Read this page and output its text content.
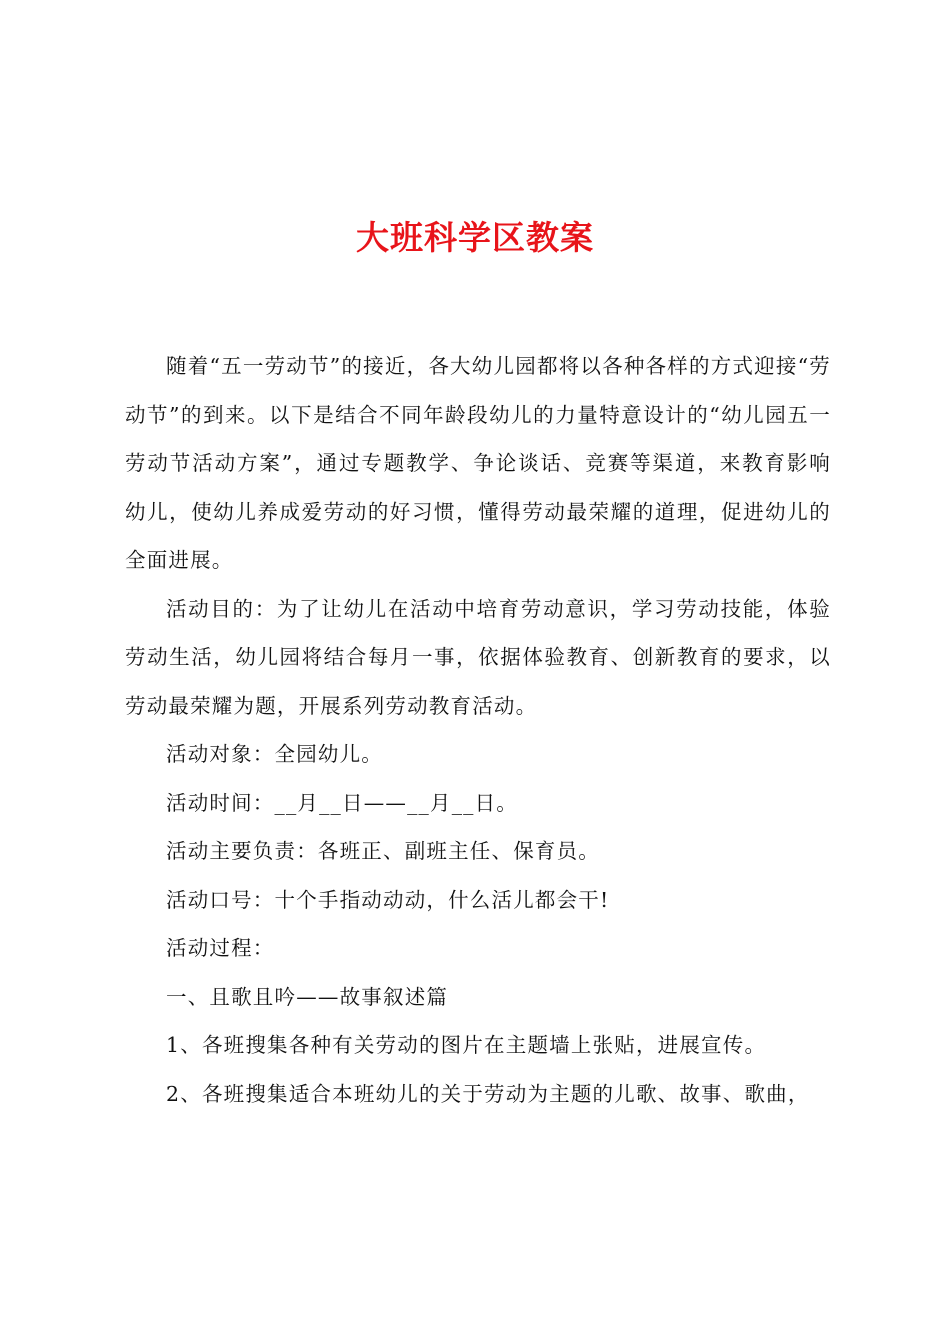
大班科学区教案

随着“五一劳动节”的接近，各大幼儿园都将以各种各样的方式迎接“劳动节”的到来。以下是结合不同年龄段幼儿的力量特意设计的“幼儿园五一劳动节活动方案”，通过专题教学、争论谈话、竞赛等渠道，来教育影响幼儿，使幼儿养成爱劳动的好习惯，懂得劳动最荣耀的道理，促进幼儿的全面进展。

活动目的：为了让幼儿在活动中培育劳动意识，学习劳动技能，体验劳动生活，幼儿园将结合每月一事，依据体验教育、创新教育的要求，以劳动最荣耀为题，开展系列劳动教育活动。

活动对象：全园幼儿。

活动时间：__月__日——__月__日。

活动主要负责：各班正、副班主任、保育员。

活动口号：十个手指动动动，什么活儿都会干!

活动过程：

一、且歌且吟——故事叙述篇

1、各班搜集各种有关劳动的图片在主题墙上张贴，进展宣传。

2、各班搜集适合本班幼儿的关于劳动为主题的儿歌、故事、歌曲，
